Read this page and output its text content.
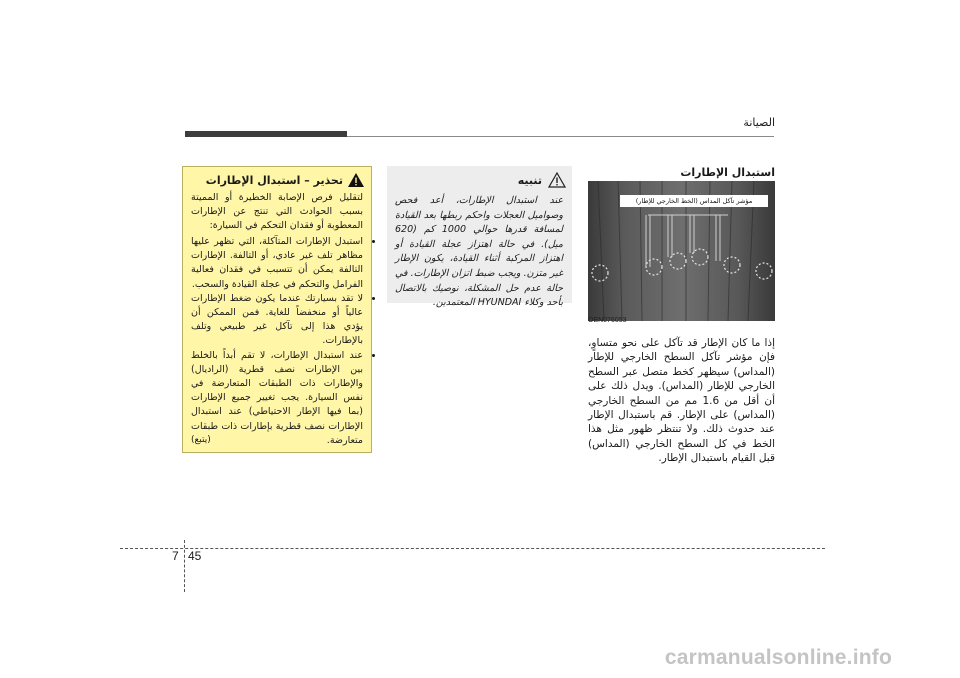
الصيانة
استبدال الإطارات
مؤشر تآكل المداس (الخط الخارجي للإطار)
OEN076053
إذا ما كان الإطار قد تآكل على نحو متساوٍ، فإن مؤشر تآكل السطح الخارجي للإطار (المداس) سيظهر كخط متصل عبر السطح الخارجي للإطار (المداس). ويدل ذلك على أن أقل من 1.6 مم من السطح الخارجي (المداس) على الإطار. قم باستبدال الإطار عند حدوث ذلك. ولا تنتظر ظهور مثل هذا الخط في كل السطح الخارجي (المداس) قبل القيام باستبدال الإطار.
تنبيه
عند استبدال الإطارات، أعد فحص وصواميل العجلات واحكم ربطها بعد القيادة لمسافة قدرها حوالي 1000 كم (620 ميل). في حالة اهتزاز عجلة القيادة أو اهتزاز المركبة أثناء القيادة، يكون الإطار غير متزن. ويجب ضبط اتزان الإطارات. في حالة عدم حل المشكلة، نوصيك بالاتصال بأحد وكلاء HYUNDAI المعتمدين.
تحذير – استبدال الإطارات
لتقليل فرص الإصابة الخطيرة أو المميتة بسبب الحوادث التي تنتج عن الإطارات المعطوبة أو فقدان التحكم في السيارة:
• استبدل الإطارات المتآكلة، التي تظهر عليها مظاهر تلف غير عادي، أو التالفة. الإطارات التالفة يمكن أن تتسبب في فقدان فعالية الفرامل والتحكم في عجلة القيادة والسحب.
• لا تقد بسيارتك عندما يكون ضغط الإطارات عالياً أو منخفضاً للغاية. فمن الممكن أن يؤدي هذا إلى تآكل غير طبيعي وتلف بالإطارات.
• عند استبدال الإطارات، لا تقم أبداً بالخلط بين الإطارات نصف قطرية (الراديال) والإطارات ذات الطبقات المتعارضة في نفس السيارة. يجب تغيير جميع الإطارات (بما فيها الإطار الاحتياطي) عند استبدال الإطارات نصف قطرية بإطارات ذات طبقات متعارضة.
(يتبع)
7 45
carmanualsonline.info
